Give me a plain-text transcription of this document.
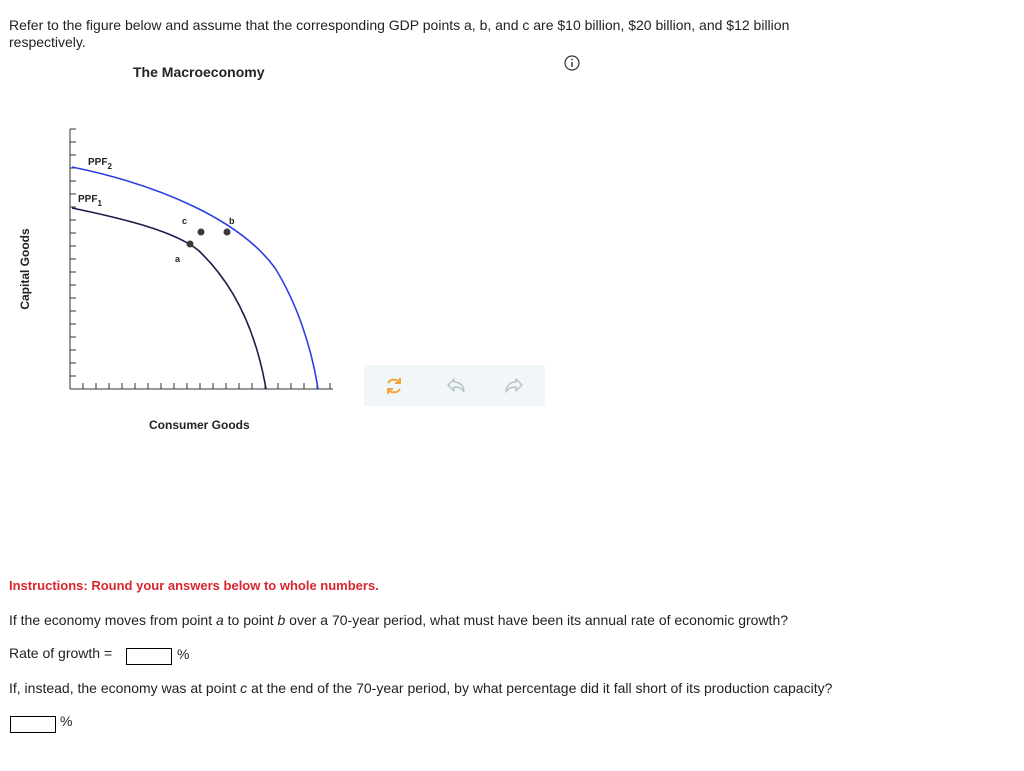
Refer to the figure below and assume that the corresponding GDP points a, b, and c are $10 billion, $20 billion, and $12 billion
respectively.
The Macroeconomy
Capital Goods
$PPF_2$
$PPF_1$
a
c	b
Consumer Goods
Instructions: Round your answers below to whole numbers.
If the economy moves from point a to point b over a 70-year period, what must have been its annual rate of economic growth?
Rate of growth =	%
If, instead, the economy was at point c at the end of the 70-year period, by what percentage did it fall short of its production capacity?
%
